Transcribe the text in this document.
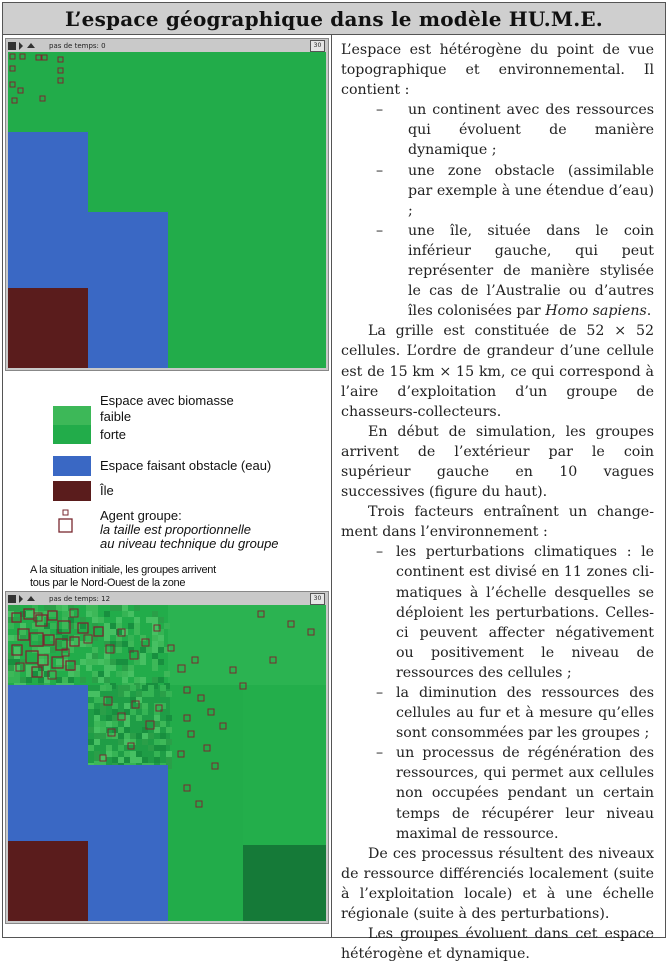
L’espace géographique dans le modèle HU.M.E.
pas de temps: 0	30
Espace avec biomasse
faible
forte
Espace faisant obstacle (eau)
Île
Agent groupe:
la taille est proportionnelle
au niveau technique du groupe
A la situation initiale, les groupes arrivent
tous par le Nord-Ouest de la zone
pas de temps: 12	30

L’espace est hétérogène du point de vue topographique et environnemental. Il contient :

– un continent avec des ressources qui évoluent de manière dynamique ;
– une zone obstacle (assimilable par exemple à une étendue d’eau) ;
– une île, située dans le coin inférieur gauche, qui peut représenter de manière stylisée le cas de l’Australie ou d’autres îles colonisées par Homo sapiens.

La grille est constituée de 52 × 52 cellules. L’ordre de grandeur d’une cellule est de 15 km × 15 km, ce qui correspond à l’aire d’exploitation d’un groupe de chasseurs-collecteurs.

En début de simulation, les groupes arrivent de l’extérieur par le coin supérieur gauche en 10 vagues successives (figure du haut).

Trois facteurs entraînent un changement dans l’environnement :

– les perturbations climatiques : le continent est divisé en 11 zones climatiques à l’échelle desquelles se déploient les perturbations. Celles-ci peuvent affecter négativement ou positivement le niveau de ressources des cellules ;
– la diminution des ressources des cellules au fur et à mesure qu’elles sont consommées par les groupes ;
– un processus de régénération des ressources, qui permet aux cellules non occupées pendant un certain temps de récupérer leur niveau maximal de ressource.

De ces processus résultent des niveaux de ressource différenciés localement (suite à l’exploitation locale) et à une échelle régionale (suite à des perturbations).

Les groupes évoluent dans cet espace hétérogène et dynamique.
